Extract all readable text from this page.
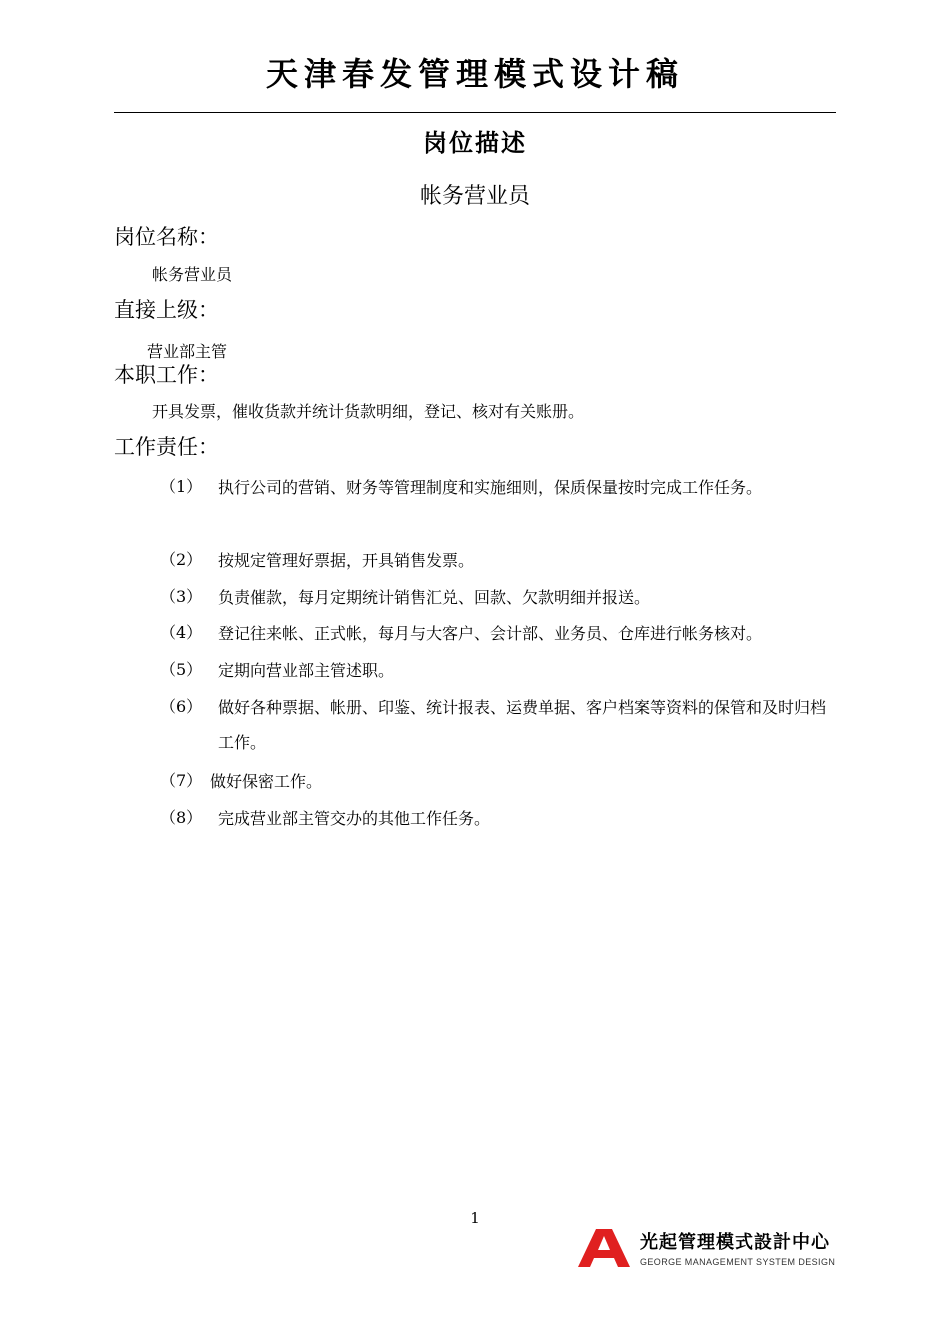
天津春发管理模式设计稿
岗位描述
帐务营业员
岗位名称：
帐务营业员
直接上级：
营业部主管
本职工作：
开具发票，催收货款并统计货款明细，登记、核对有关账册。
工作责任：
（1） 执行公司的营销、财务等管理制度和实施细则，保质保量按时完成工作任务。
（2） 按规定管理好票据，开具销售发票。
（3） 负责催款，每月定期统计销售汇兑、回款、欠款明细并报送。
（4） 登记往来帐、正式帐，每月与大客户、会计部、业务员、仓库进行帐务核对。
（5） 定期向营业部主管述职。
（6） 做好各种票据、帐册、印鉴、统计报表、运费单据、客户档案等资料的保管和及时归档工作。
（7） 做好保密工作。
（8） 完成营业部主管交办的其他工作任务。
1
光起管理模式設計中心
GEORGE MANAGEMENT SYSTEM DESIGN
